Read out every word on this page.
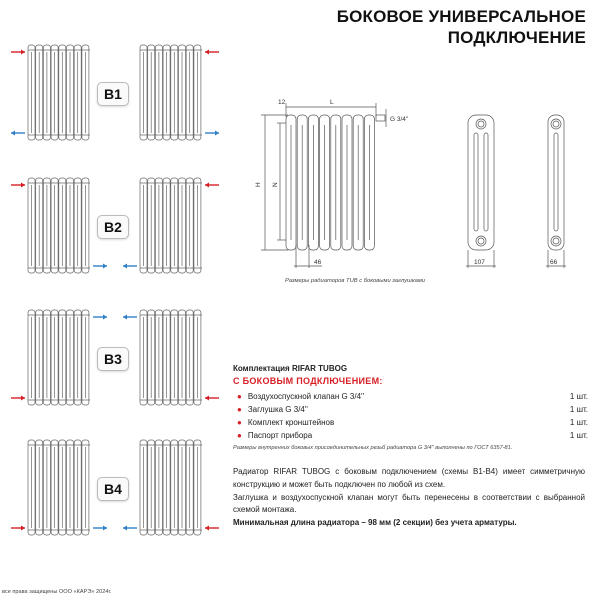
БОКОВОЕ УНИВЕРСАЛЬНОЕ
ПОДКЛЮЧЕНИЕ
B1
B2
B3
B4
12	L
G 3/4''
H N
46	107	66
Размеры радиаторов TUB с боковыми заглушками
Комплектация RIFAR TUBOG
С БОКОВЫМ ПОДКЛЮЧЕНИЕМ:
● Воздухоспускной клапан G 3/4''	1 шт.
● Заглушка G 3/4''	1 шт.
● Комплект кронштейнов	1 шт.
● Паспорт прибора	1 шт.
Размеры внутренних боковых присоединительных резьб радиатора G 3/4'' выполнены по ГОСТ 6357-81.

Радиатор RIFAR TUBOG с боковым подключением (схемы B1-B4) имеет симметричную конструкцию и может быть подключен по любой из схем.

Заглушка и воздухоспускной клапан могут быть перенесены в соответствии с выбранной схемой монтажа.

Минимальная длина радиатора – 98 мм (2 секции) без учета арматуры.

все права защищены ООО «КАРЭ» 2024г.
